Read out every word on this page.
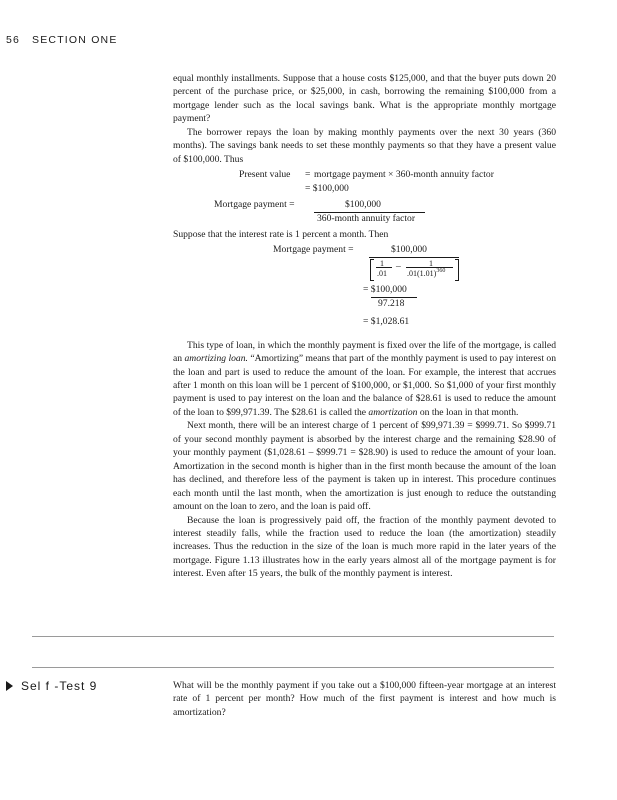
56 SECTION ONE

equal monthly installments. Suppose that a house costs $125,000, and that the buyer puts down 20 percent of the purchase price, or $25,000, in cash, borrowing the remaining $100,000 from a mortgage lender such as the local savings bank. What is the appropriate monthly mortgage payment?

The borrower repays the loan by making monthly payments over the next 30 years (360 months). The savings bank needs to set these monthly payments so that they have a present value of $100,000. Thus

Present value = mortgage payment × 360-month annuity factor
= $100,000
Mortgage payment =	$100,000
360-month annuity factor

Suppose that the interest rate is 1 percent a month. Then

Mortgage payment =	$100,000
1
.01
–	1
$.01(1.01)^{360}$
= $100,000
97.218
= $1,028.61

This type of loan, in which the monthly payment is fixed over the life of the mortgage, is called an amortizing loan. “Amortizing” means that part of the monthly payment is used to pay interest on the loan and part is used to reduce the amount of the loan. For example, the interest that accrues after 1 month on this loan will be 1 percent of $100,000, or $1,000. So $1,000 of your first monthly payment is used to pay interest on the loan and the balance of $28.61 is used to reduce the amount of the loan to $99,971.39. The $28.61 is called the amortization on the loan in that month.

Next month, there will be an interest charge of 1 percent of $99,971.39 = $999.71. So $999.71 of your second monthly payment is absorbed by the interest charge and the remaining $28.90 of your monthly payment ($1,028.61 – $999.71 = $28.90) is used to reduce the amount of your loan. Amortization in the second month is higher than in the first month because the amount of the loan has declined, and therefore less of the payment is taken up in interest. This procedure continues each month until the last month, when the amortization is just enough to reduce the outstanding amount on the loan to zero, and the loan is paid off.

Because the loan is progressively paid off, the fraction of the monthly payment devoted to interest steadily falls, while the fraction used to reduce the loan (the amortization) steadily increases. Thus the reduction in the size of the loan is much more rapid in the later years of the mortgage. Figure 1.13 illustrates how in the early years almost all of the mortgage payment is for interest. Even after 15 years, the bulk of the monthly payment is interest.

Sel f -Test 9	What will be the monthly payment if you take out a $100,000 fifteen-year mortgage at an interest rate of 1 percent per month? How much of the first payment is interest and how much is amortization?
